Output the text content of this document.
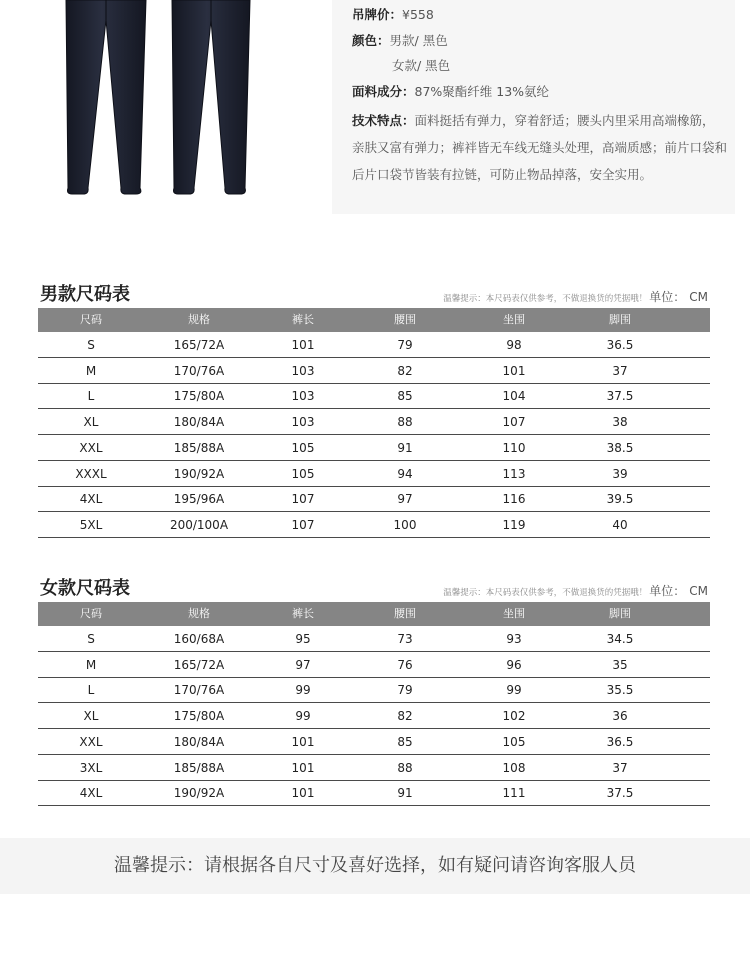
吊牌价：¥558
颜色：男款/ 黑色
女款/ 黑色
面料成分：87%聚酯纤维 13%氨纶
技术特点：面料挺括有弹力，穿着舒适；腰头内里采用高端橡筋，亲肤又富有弹力；裤袢皆无车线无缝头处理，高端质感；前片口袋和后片口袋节皆装有拉链，可防止物品掉落，安全实用。
男款尺码表	温馨提示：本尺码表仅供参考，不做退换货的凭据哦！ 单位： CM
尺码	规格	裤长	腰围	坐围	脚围
S	165/72A	101	79	98	36.5
M	170/76A	103	82	101	37
L	175/80A	103	85	104	37.5
XL	180/84A	103	88	107	38
XXL	185/88A	105	91	110	38.5
XXXL	190/92A	105	94	113	39
4XL	195/96A	107	97	116	39.5
5XL	200/100A	107	100	119	40
女款尺码表	温馨提示：本尺码表仅供参考，不做退换货的凭据哦！ 单位： CM
尺码	规格	裤长	腰围	坐围	脚围
S	160/68A	95	73	93	34.5
M	165/72A	97	76	96	35
L	170/76A	99	79	99	35.5
XL	175/80A	99	82	102	36
XXL	180/84A	101	85	105	36.5
3XL	185/88A	101	88	108	37
4XL	190/92A	101	91	111	37.5
温馨提示：请根据各自尺寸及喜好选择，如有疑问请咨询客服人员
